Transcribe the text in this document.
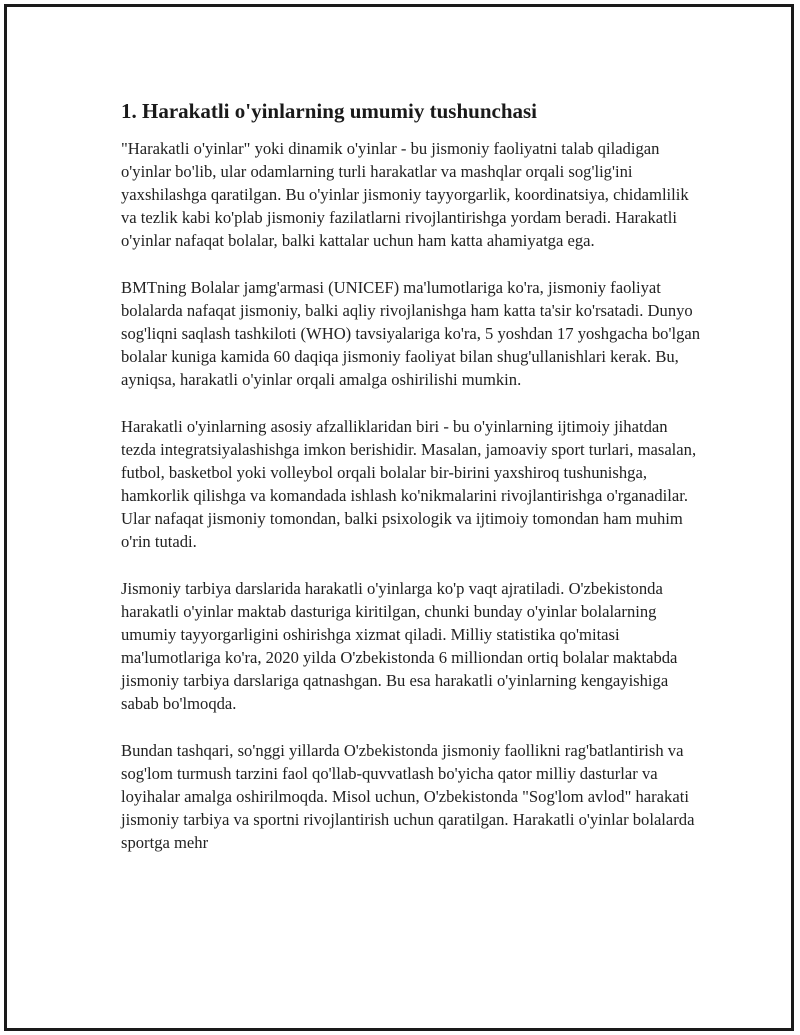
1. Harakatli o'yinlarning umumiy tushunchasi

"Harakatli o'yinlar" yoki dinamik o'yinlar - bu jismoniy faoliyatni talab qiladigan o'yinlar bo'lib, ular odamlarning turli harakatlar va mashqlar orqali sog'lig'ini yaxshilashga qaratilgan. Bu o'yinlar jismoniy tayyorgarlik, koordinatsiya, chidamlilik va tezlik kabi ko'plab jismoniy fazilatlarni rivojlantirishga yordam beradi. Harakatli o'yinlar nafaqat bolalar, balki kattalar uchun ham katta ahamiyatga ega.

BMTning Bolalar jamg'armasi (UNICEF) ma'lumotlariga ko'ra, jismoniy faoliyat bolalarda nafaqat jismoniy, balki aqliy rivojlanishga ham katta ta'sir ko'rsatadi. Dunyo sog'liqni saqlash tashkiloti (WHO) tavsiyalariga ko'ra, 5 yoshdan 17 yoshgacha bo'lgan bolalar kuniga kamida 60 daqiqa jismoniy faoliyat bilan shug'ullanishlari kerak. Bu, ayniqsa, harakatli o'yinlar orqali amalga oshirilishi mumkin.

Harakatli o'yinlarning asosiy afzalliklaridan biri - bu o'yinlarning ijtimoiy jihatdan tezda integratsiyalashishga imkon berishidir. Masalan, jamoaviy sport turlari, masalan, futbol, basketbol yoki volleybol orqali bolalar bir-birini yaxshiroq tushunishga, hamkorlik qilishga va komandada ishlash ko'nikmalarini rivojlantirishga o'rganadilar. Ular nafaqat jismoniy tomondan, balki psixologik va ijtimoiy tomondan ham muhim o'rin tutadi.

Jismoniy tarbiya darslarida harakatli o'yinlarga ko'p vaqt ajratiladi. O'zbekistonda harakatli o'yinlar maktab dasturiga kiritilgan, chunki bunday o'yinlar bolalarning umumiy tayyorgarligini oshirishga xizmat qiladi. Milliy statistika qo'mitasi ma'lumotlariga ko'ra, 2020 yilda O'zbekistonda 6 milliondan ortiq bolalar maktabda jismoniy tarbiya darslariga qatnashgan. Bu esa harakatli o'yinlarning kengayishiga sabab bo'lmoqda.

Bundan tashqari, so'nggi yillarda O'zbekistonda jismoniy faollikni rag'batlantirish va sog'lom turmush tarzini faol qo'llab-quvvatlash bo'yicha qator milliy dasturlar va loyihalar amalga oshirilmoqda. Misol uchun, O'zbekistonda "Sog'lom avlod" harakati jismoniy tarbiya va sportni rivojlantirish uchun qaratilgan. Harakatli o'yinlar bolalarda sportga mehr
